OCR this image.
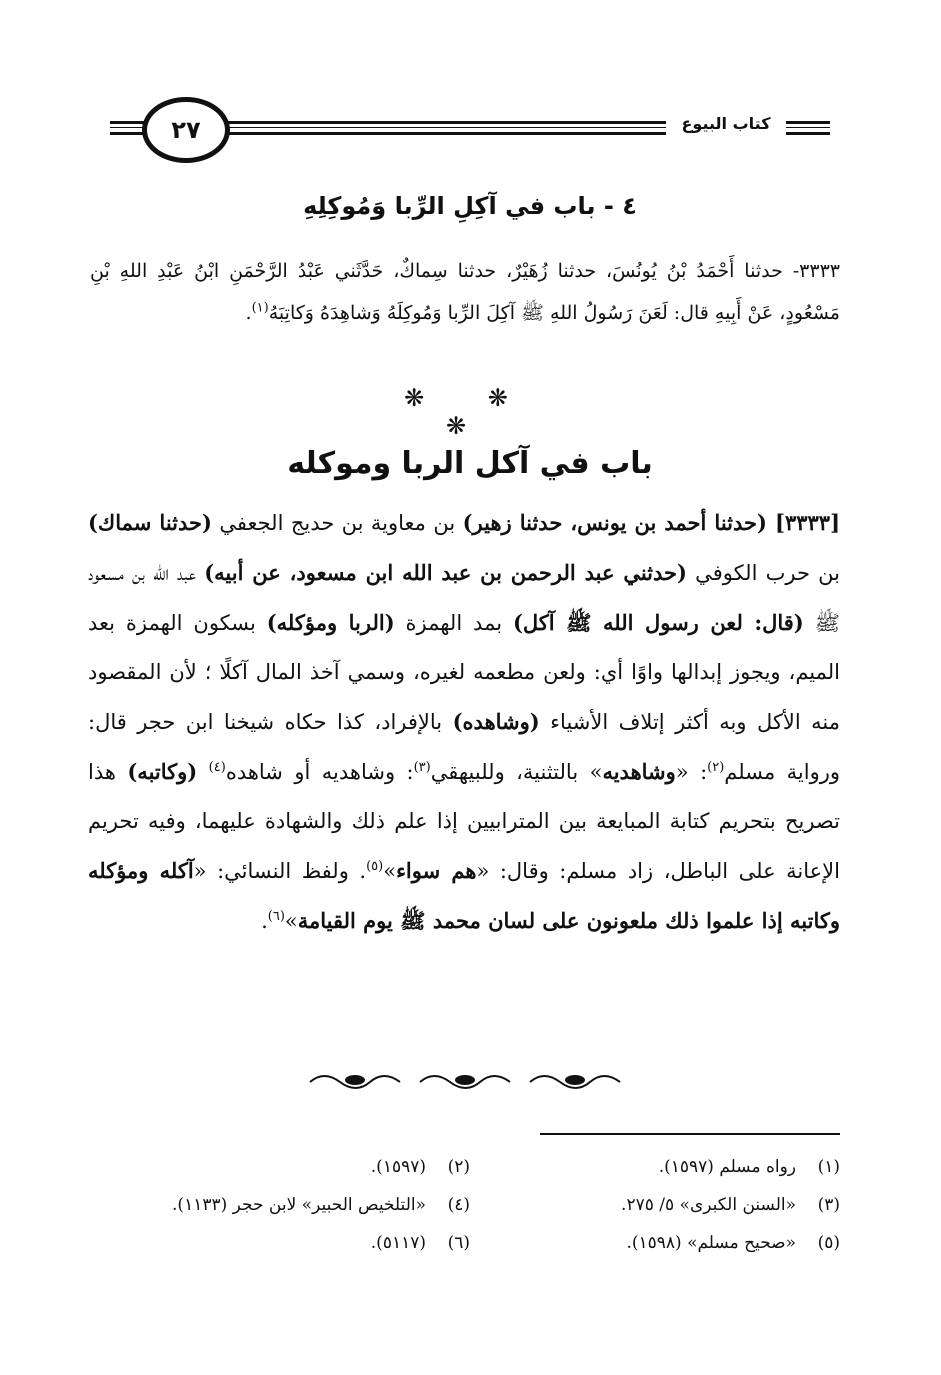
كتاب البيوع
٢٧
٤ - باب في آكِلِ الرِّبا وَمُوكِلِهِ

٣٣٣٣- حدثنا أَحْمَدُ بْنُ يُونُسَ، حدثنا زُهَيْرٌ، حدثنا سِماكٌ، حَدَّثَني عَبْدُ الرَّحْمَنِ ابْنُ عَبْدِ اللهِ بْنِ مَسْعُودٍ، عَنْ أَبِيهِ قال: لَعَنَ رَسُولُ اللهِ ﷺ آكِلَ الرِّبا وَمُوكِلَهُ وَشاهِدَهُ وَكاتِبَهُ$^{(١)}$.

❋ ❋ ❋
باب في آكل الربا وموكله

[٣٣٣٣] (حدثنا أحمد بن يونس، حدثنا زهير) بن معاوية بن حديج الجعفي (حدثنا سماك) بن حرب الكوفي (حدثني عبد الرحمن بن عبد الله ابن مسعود، عن أبيه) عبد الله بن مسعود ﷺ (قال: لعن رسول الله ﷺ آكل) بمد الهمزة (الربا ومؤكله) بسكون الهمزة بعد الميم، ويجوز إبدالها واوًا أي: ولعن مطعمه لغيره، وسمي آخذ المال آكلًا ؛ لأن المقصود منه الأكل وبه أكثر إتلاف الأشياء (وشاهده) بالإفراد، كذا حكاه شيخنا ابن حجر قال: ورواية مسلم$^{(٢)}$: «وشاهديه» بالتثنية، وللبيهقي$^{(٣)}$: وشاهديه أو شاهده$^{(٤)}$ (وكاتبه) هذا تصريح بتحريم كتابة المبايعة بين المترابيين إذا علم ذلك والشهادة عليهما، وفيه تحريم الإعانة على الباطل، زاد مسلم: وقال: «هم سواء»$^{(٥)}$. ولفظ النسائي: «آكله ومؤكله وكاتبه إذا علموا ذلك ملعونون على لسان محمد ﷺ يوم القيامة»$^{(٦)}$.

(١)رواه مسلم (١٥٩٧).
(٢)(١٥٩٧).
(٣)«السنن الكبرى» ٥/ ٢٧٥.
(٤)«التلخيص الحبير» لابن حجر (١١٣٣).
(٥)«صحيح مسلم» (١٥٩٨).
(٦)(٥١١٧).
